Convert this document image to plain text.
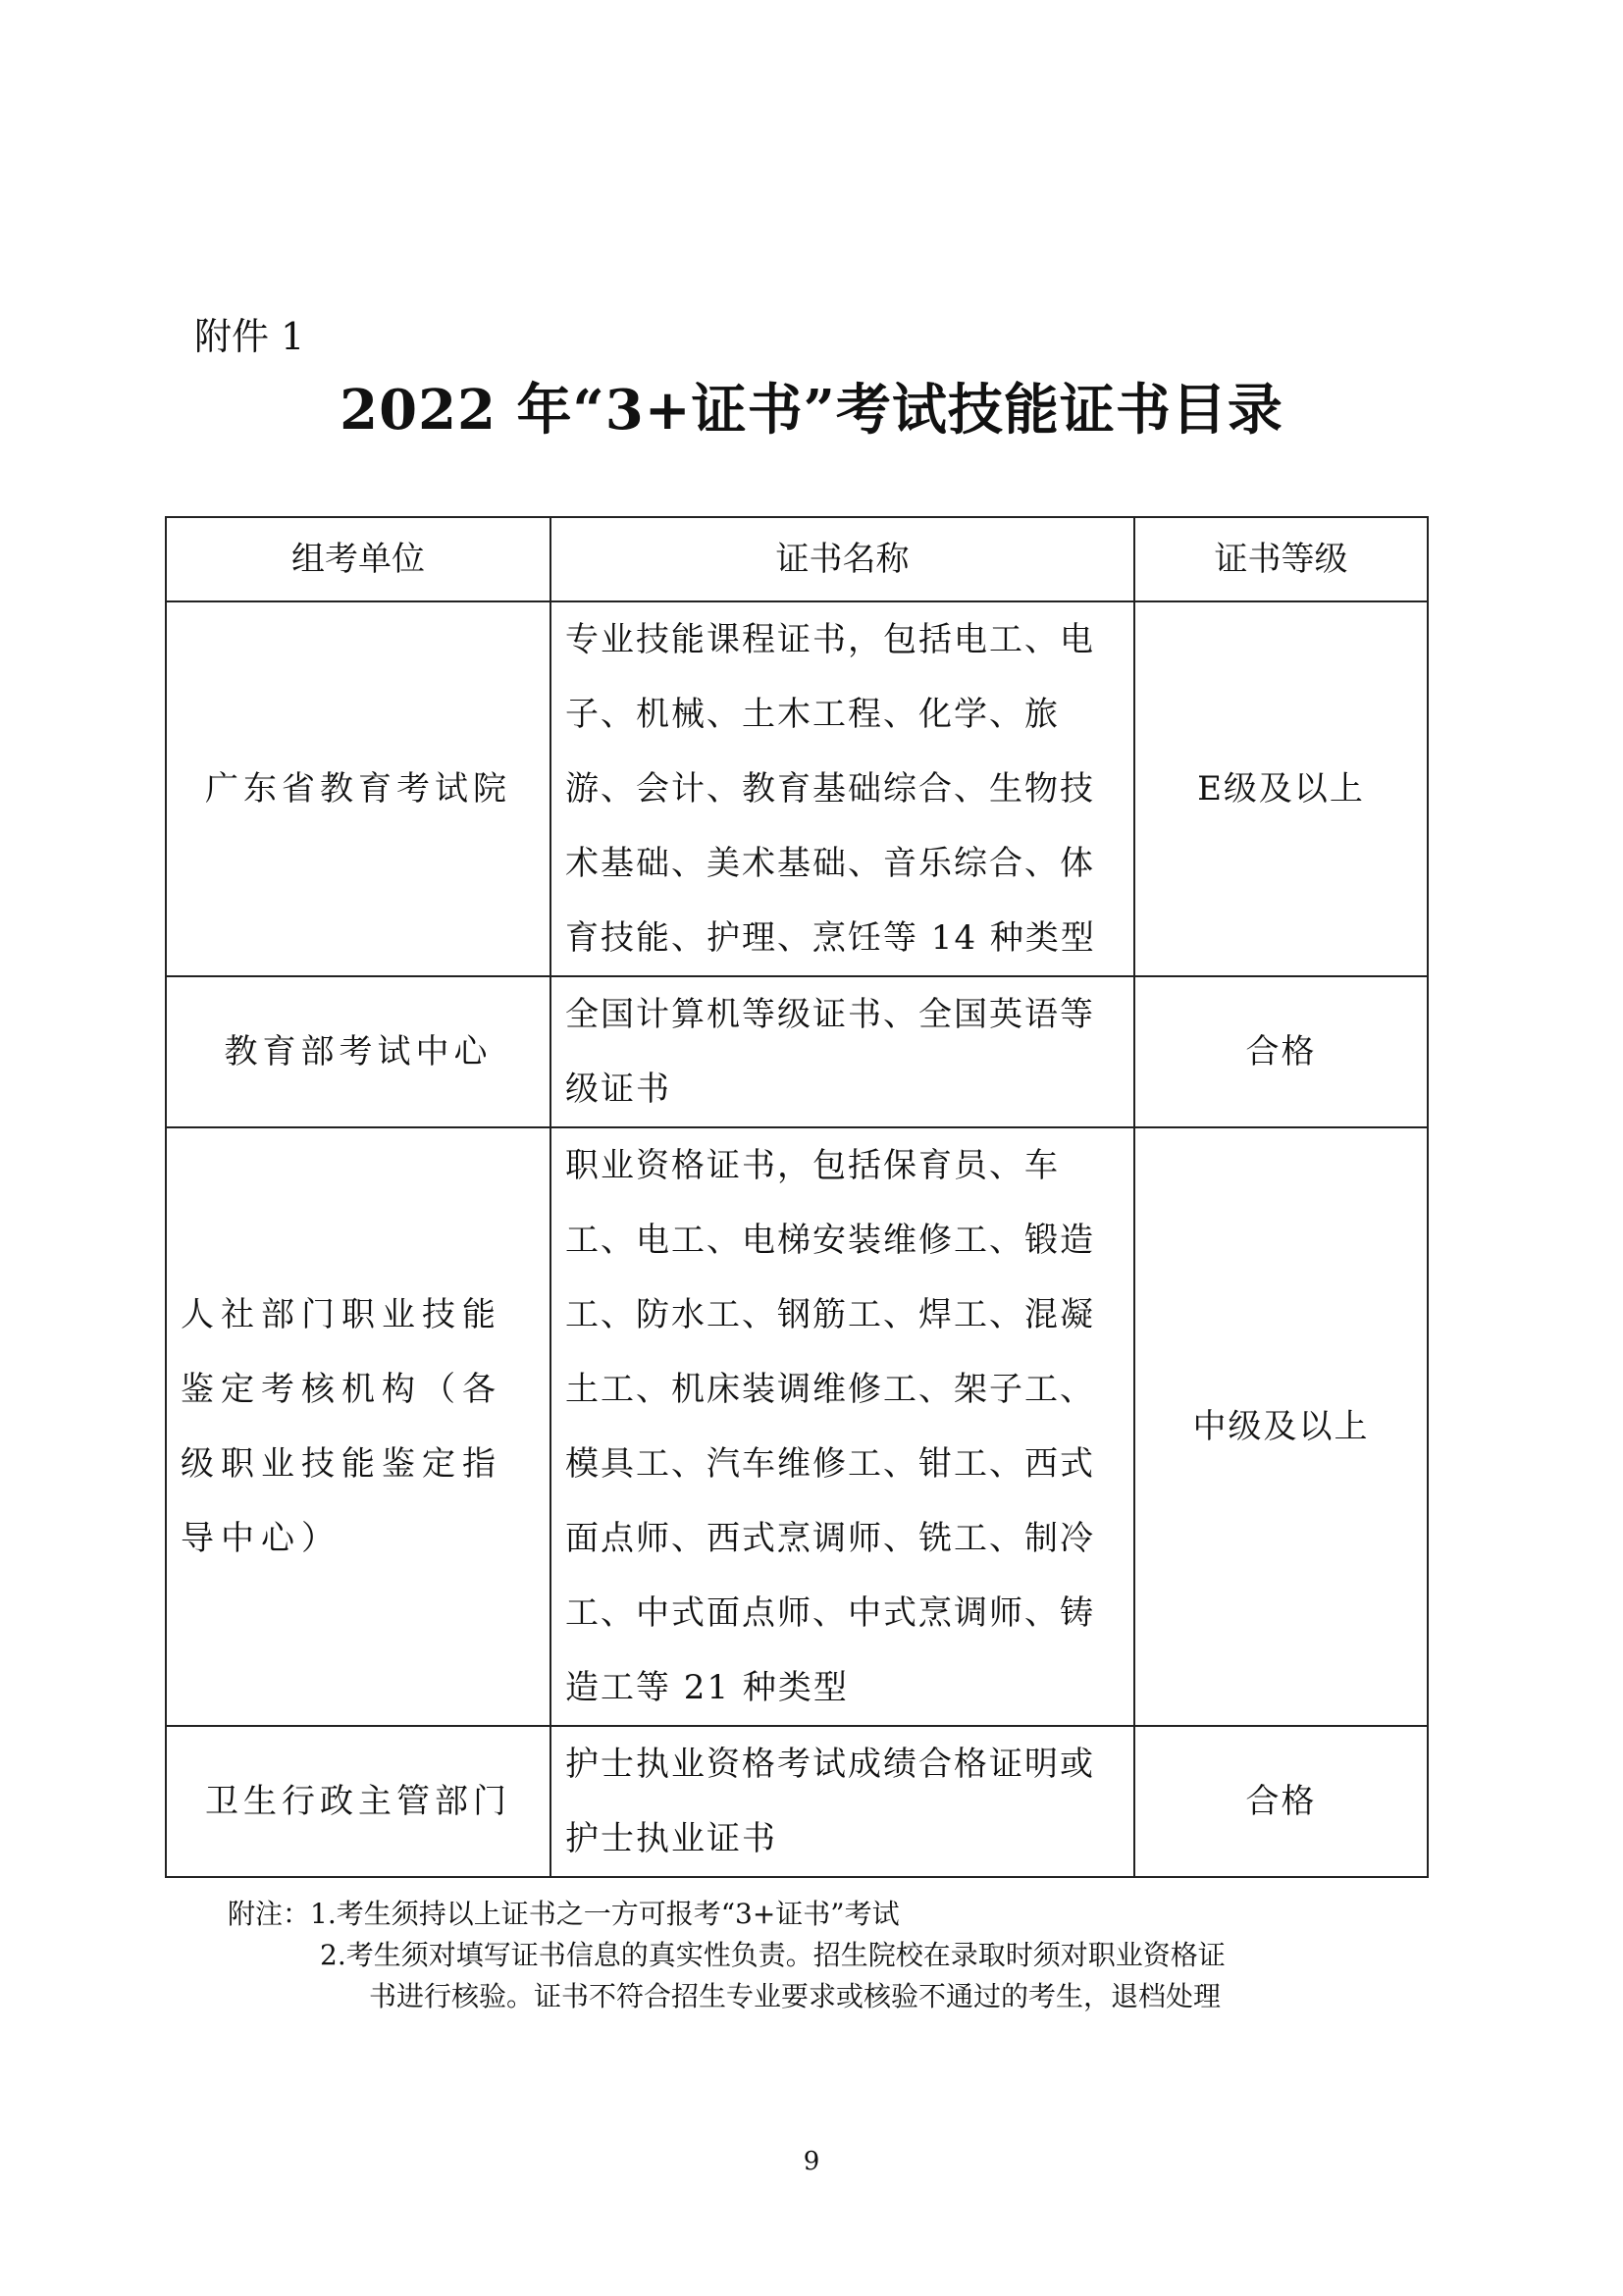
附件 1
2022 年“3+证书”考试技能证书目录
组考单位	证书名称	证书等级
广东省教育考试院	专业技能课程证书，包括电工、电子、机械、土木工程、化学、旅游、会计、教育基础综合、生物技术基础、美术基础、音乐综合、体育技能、护理、烹饪等 14 种类型	E级及以上
教育部考试中心	全国计算机等级证书、全国英语等级证书	合格
人社部门职业技能鉴定考核机构（各级职业技能鉴定指导中心）	职业资格证书，包括保育员、车工、电工、电梯安装维修工、锻造工、防水工、钢筋工、焊工、混凝土工、机床装调维修工、架子工、模具工、汽车维修工、钳工、西式面点师、西式烹调师、铣工、制冷工、中式面点师、中式烹调师、铸造工等 21 种类型	中级及以上
卫生行政主管部门	护士执业资格考试成绩合格证明或护士执业证书	合格
附注：1.考生须持以上证书之一方可报考“3+证书”考试
2.考生须对填写证书信息的真实性负责。招生院校在录取时须对职业资格证
书进行核验。证书不符合招生专业要求或核验不通过的考生，退档处理
9
